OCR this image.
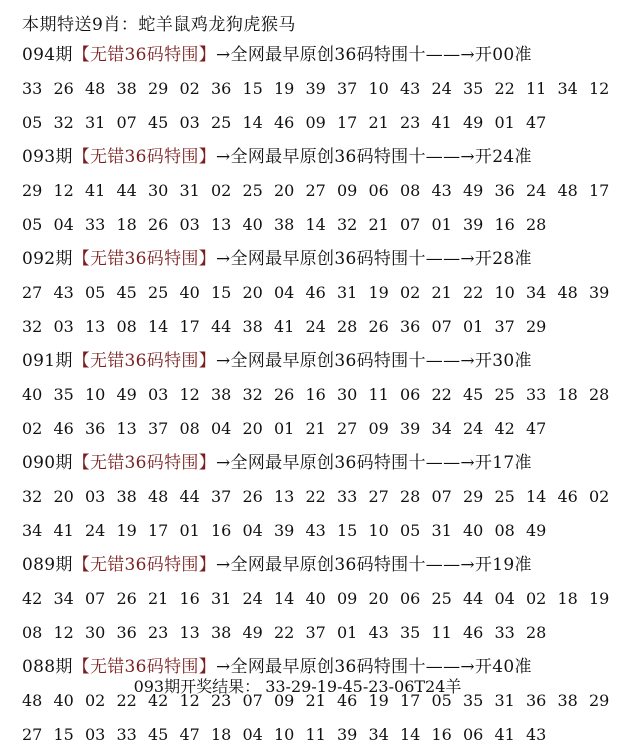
本期特送9肖：蛇羊鼠鸡龙狗虎猴马
094期【无错36码特围】→全网最早原创36码特围十——→开00准
33 26 48 38 29 02 36 15 19 39 37 10 43 24 35 22 11 34 12
05 32 31 07 45 03 25 14 46 09 17 21 23 41 49 01 47
093期【无错36码特围】→全网最早原创36码特围十——→开24准
29 12 41 44 30 31 02 25 20 27 09 06 08 43 49 36 24 48 17
05 04 33 18 26 03 13 40 38 14 32 21 07 01 39 16 28
092期【无错36码特围】→全网最早原创36码特围十——→开28准
27 43 05 45 25 40 15 20 04 46 31 19 02 21 22 10 34 48 39
32 03 13 08 14 17 44 38 41 24 28 26 36 07 01 37 29
091期【无错36码特围】→全网最早原创36码特围十——→开30准
40 35 10 49 03 12 38 32 26 16 30 11 06 22 45 25 33 18 28
02 46 36 13 37 08 04 20 01 21 27 09 39 34 24 42 47
090期【无错36码特围】→全网最早原创36码特围十——→开17准
32 20 03 38 48 44 37 26 13 22 33 27 28 07 29 25 14 46 02
34 41 24 19 17 01 16 04 39 43 15 10 05 31 40 08 49
089期【无错36码特围】→全网最早原创36码特围十——→开19准
42 34 07 26 21 16 31 24 14 40 09 20 06 25 44 04 02 18 19
08 12 30 36 23 13 38 49 22 37 01 43 35 11 46 33 28
088期【无错36码特围】→全网最早原创36码特围十——→开40准
48 40 02 22 42 12 23 07 09 21 46 19 17 05 35 31 36 38 29
27 15 03 33 45 47 18 04 10 11 39 34 14 16 06 41 43
093期开奖结果： 33-29-19-45-23-06T24羊
